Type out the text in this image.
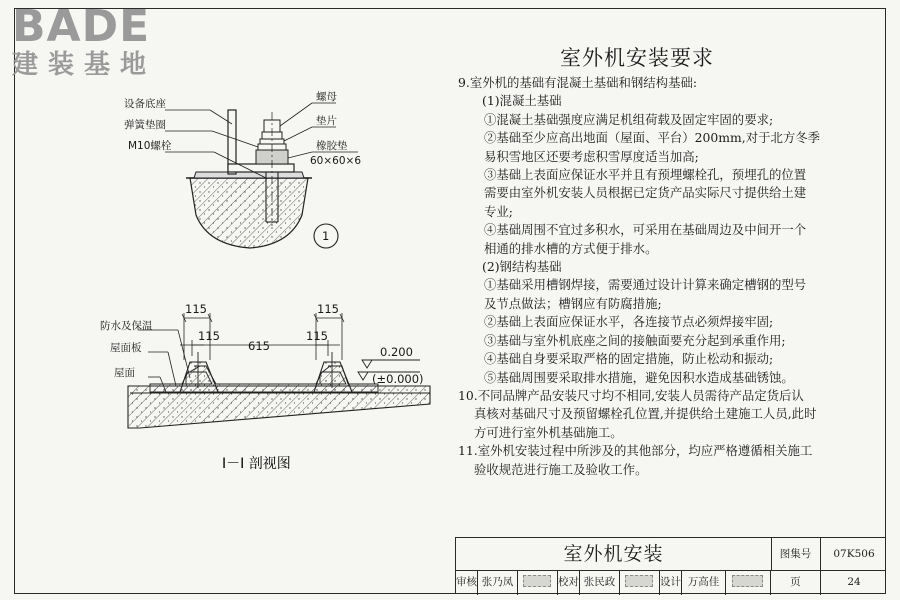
BADE
建装基地
设备底座
弹簧垫圈
M10螺栓
螺母
垫片
橡胶垫
60×60×6
1
115
115
615
115
115
0.200
(±0.000)
防水及保温
屋面板
屋面
I－I 剖视图
室外机安装要求

9.室外机的基础有混凝土基础和钢结构基础:

(1)混凝土基础

①混凝土基础强度应满足机组荷载及固定牢固的要求;

②基础至少应高出地面（屋面、平台）200mm,对于北方冬季

易积雪地区还要考虑积雪厚度适当加高;

③基础上表面应保证水平并且有预埋螺栓孔，预埋孔的位置

需要由室外机安装人员根据已定货产品实际尺寸提供给土建

专业;

④基础周围不宜过多积水，可采用在基础周边及中间开一个

相通的排水槽的方式便于排水。

(2)钢结构基础

①基础采用槽钢焊接，需要通过设计计算来确定槽钢的型号

及节点做法；槽钢应有防腐措施;

②基础上表面应保证水平，各连接节点必须焊接牢固;

③基础与室外机底座之间的接触面要充分起到承重作用;

④基础自身要采取严格的固定措施，防止松动和振动;

⑤基础周围要采取排水措施，避免因积水造成基础锈蚀。

10.不同品牌产品安装尺寸均不相同,安装人员需待产品定货后认

真核对基础尺寸及预留螺栓孔位置,并提供给土建施工人员,此时

方可进行室外机基础施工。

11.室外机安装过程中所涉及的其他部分，均应严格遵循相关施工

验收规范进行施工及验收工作。

室外机安装	图集号	07K506
审核 张乃凤	校对 张民政	设计 万高佳	页	24
